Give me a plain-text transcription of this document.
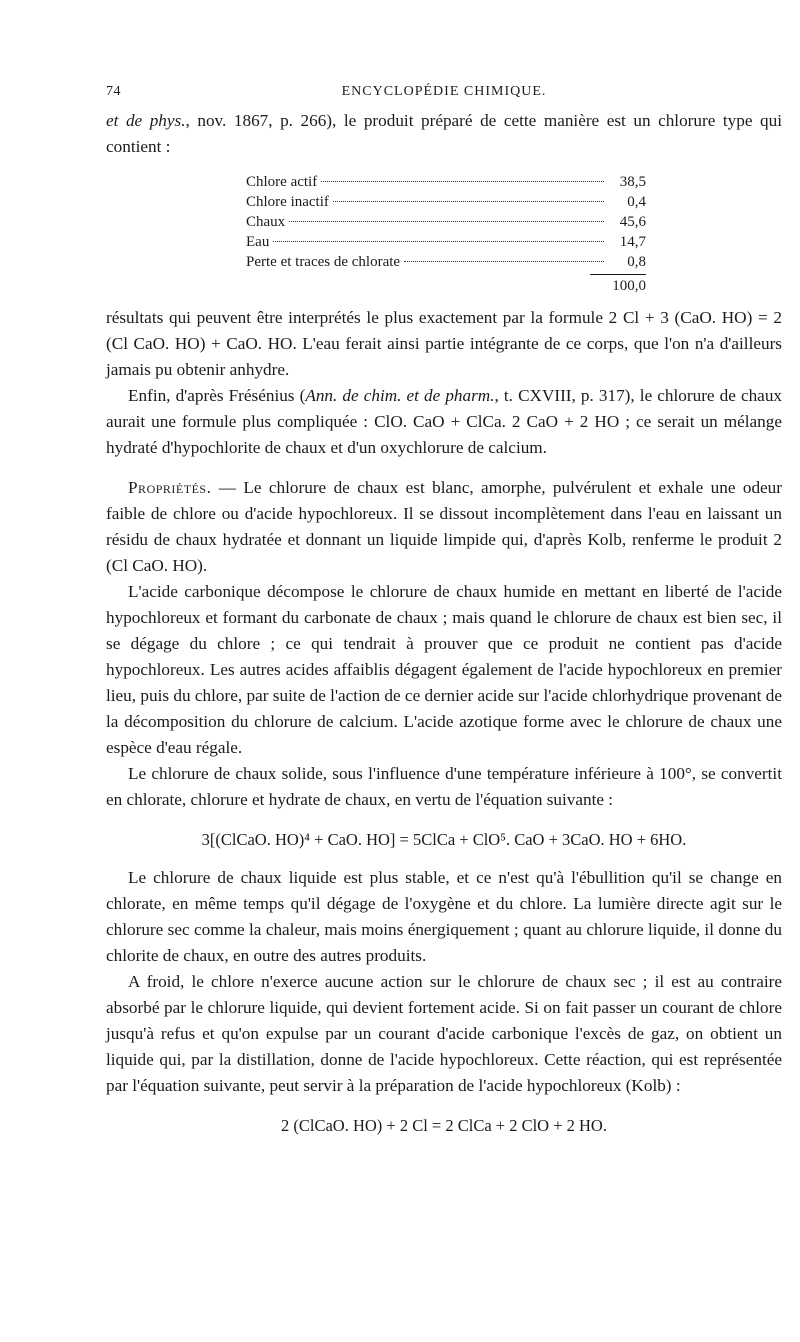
74	ENCYCLOPÉDIE CHIMIQUE.

et de phys., nov. 1867, p. 266), le produit préparé de cette manière est un chlorure type qui contient :

Chlore actif	38,5
Chlore inactif	0,4
Chaux	45,6
Eau	14,7
Perte et traces de chlorate	0,8
100,0

résultats qui peuvent être interprétés le plus exactement par la formule 2 Cl + 3 (CaO. HO) = 2 (Cl CaO. HO) + CaO. HO. L'eau ferait ainsi partie intégrante de ce corps, que l'on n'a d'ailleurs jamais pu obtenir anhydre.

Enfin, d'après Frésénius (Ann. de chim. et de pharm., t. CXVIII, p. 317), le chlorure de chaux aurait une formule plus compliquée : ClO. CaO + ClCa. 2 CaO + 2 HO ; ce serait un mélange hydraté d'hypochlorite de chaux et d'un oxychlorure de calcium.

Propriétés. — Le chlorure de chaux est blanc, amorphe, pulvérulent et exhale une odeur faible de chlore ou d'acide hypochloreux. Il se dissout incomplètement dans l'eau en laissant un résidu de chaux hydratée et donnant un liquide limpide qui, d'après Kolb, renferme le produit 2 (Cl CaO. HO).

L'acide carbonique décompose le chlorure de chaux humide en mettant en liberté de l'acide hypochloreux et formant du carbonate de chaux ; mais quand le chlorure de chaux est bien sec, il se dégage du chlore ; ce qui tendrait à prouver que ce produit ne contient pas d'acide hypochloreux. Les autres acides affaiblis dégagent également de l'acide hypochloreux en premier lieu, puis du chlore, par suite de l'action de ce dernier acide sur l'acide chlorhydrique provenant de la décomposition du chlorure de calcium. L'acide azotique forme avec le chlorure de chaux une espèce d'eau régale.

Le chlorure de chaux solide, sous l'influence d'une température inférieure à 100°, se convertit en chlorate, chlorure et hydrate de chaux, en vertu de l'équation suivante :

3[(ClCaO. HO)⁴ + CaO. HO] = 5ClCa + ClO⁵. CaO + 3CaO. HO + 6HO.

Le chlorure de chaux liquide est plus stable, et ce n'est qu'à l'ébullition qu'il se change en chlorate, en même temps qu'il dégage de l'oxygène et du chlore. La lumière directe agit sur le chlorure sec comme la chaleur, mais moins énergiquement ; quant au chlorure liquide, il donne du chlorite de chaux, en outre des autres produits.

A froid, le chlore n'exerce aucune action sur le chlorure de chaux sec ; il est au contraire absorbé par le chlorure liquide, qui devient fortement acide. Si on fait passer un courant de chlore jusqu'à refus et qu'on expulse par un courant d'acide carbonique l'excès de gaz, on obtient un liquide qui, par la distillation, donne de l'acide hypochloreux. Cette réaction, qui est représentée par l'équation suivante, peut servir à la préparation de l'acide hypochloreux (Kolb) :

2 (ClCaO. HO) + 2 Cl = 2 ClCa + 2 ClO + 2 HO.
